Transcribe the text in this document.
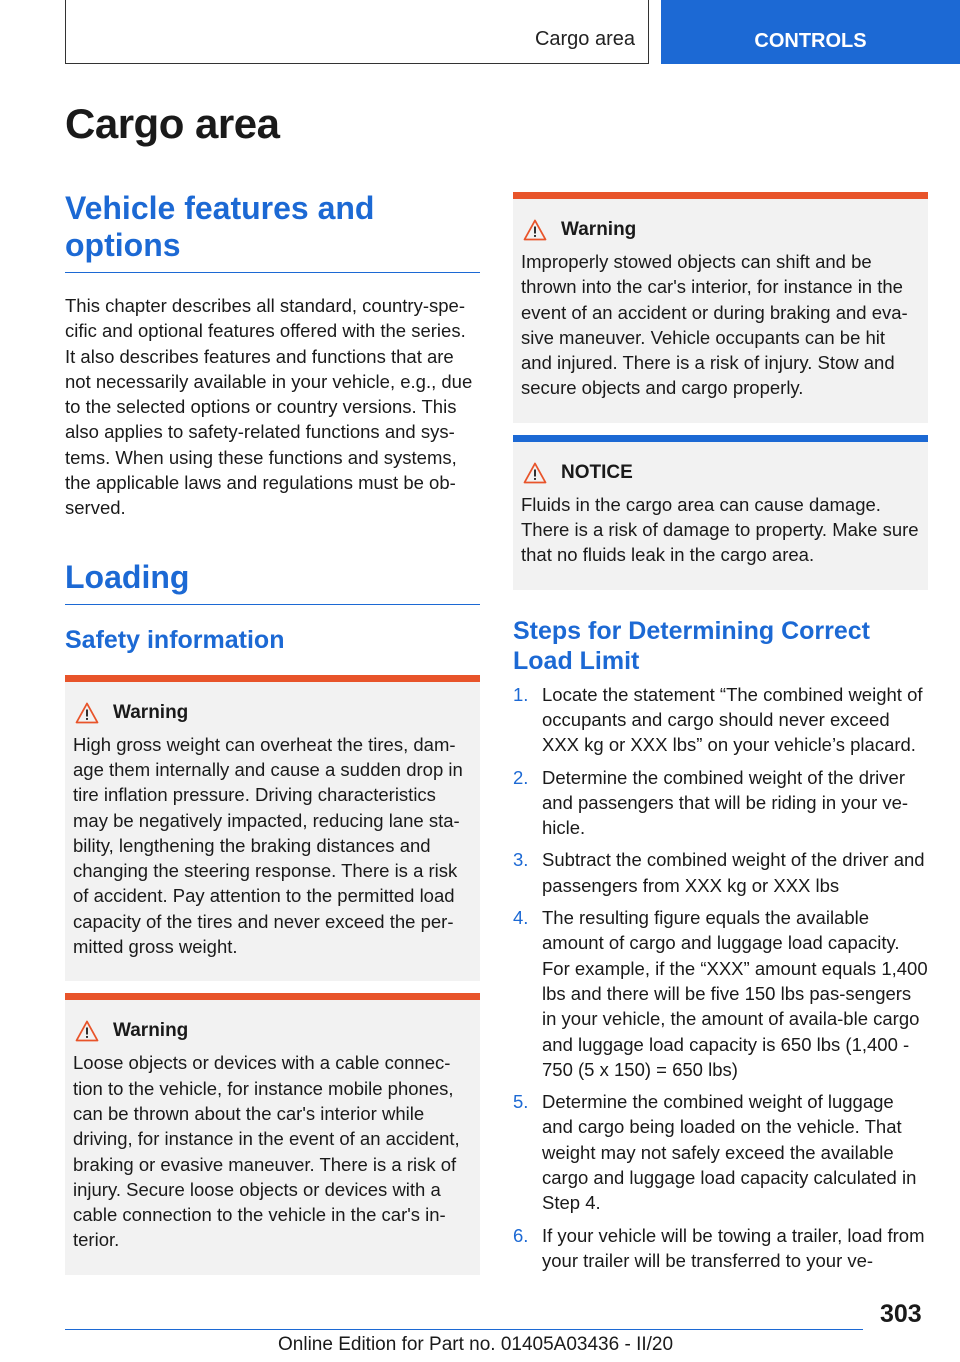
Cargo area	CONTROLS
Cargo area
Vehicle features and options

This chapter describes all standard, country-spe-cific and optional features offered with the series. It also describes features and functions that are not necessarily available in your vehicle, e.g., due to the selected options or country versions. This also applies to safety-related functions and sys-tems. When using these functions and systems, the applicable laws and regulations must be ob-served.

Loading
Safety information
Warning

High gross weight can overheat the tires, dam-age them internally and cause a sudden drop in tire inflation pressure. Driving characteristics may be negatively impacted, reducing lane sta-bility, lengthening the braking distances and changing the steering response. There is a risk of accident. Pay attention to the permitted load capacity of the tires and never exceed the per-mitted gross weight.

Warning

Loose objects or devices with a cable connec-tion to the vehicle, for instance mobile phones, can be thrown about the car's interior while driving, for instance in the event of an accident, braking or evasive maneuver. There is a risk of injury. Secure loose objects or devices with a cable connection to the vehicle in the car's in-terior.

Warning

Improperly stowed objects can shift and be thrown into the car's interior, for instance in the event of an accident or during braking and eva-sive maneuver. Vehicle occupants can be hit and injured. There is a risk of injury. Stow and secure objects and cargo properly.

NOTICE

Fluids in the cargo area can cause damage. There is a risk of damage to property. Make sure that no fluids leak in the cargo area.

Steps for Determining Correct Load Limit
1. Locate the statement “The combined weight of occupants and cargo should never exceed XXX kg or XXX lbs” on your vehicle’s placard.
2. Determine the combined weight of the driver and passengers that will be riding in your ve-hicle.
3. Subtract the combined weight of the driver and passengers from XXX kg or XXX lbs
4. The resulting figure equals the available amount of cargo and luggage load capacity. For example, if the “XXX” amount equals 1,400 lbs and there will be five 150 lbs pas-sengers in your vehicle, the amount of availa-ble cargo and luggage load capacity is 650 lbs (1,400 - 750 (5 x 150) = 650 lbs)
5. Determine the combined weight of luggage and cargo being loaded on the vehicle. That weight may not safely exceed the available cargo and luggage load capacity calculated in Step 4.
6. If your vehicle will be towing a trailer, load from your trailer will be transferred to your ve-
303
Online Edition for Part no. 01405A03436 - II/20
